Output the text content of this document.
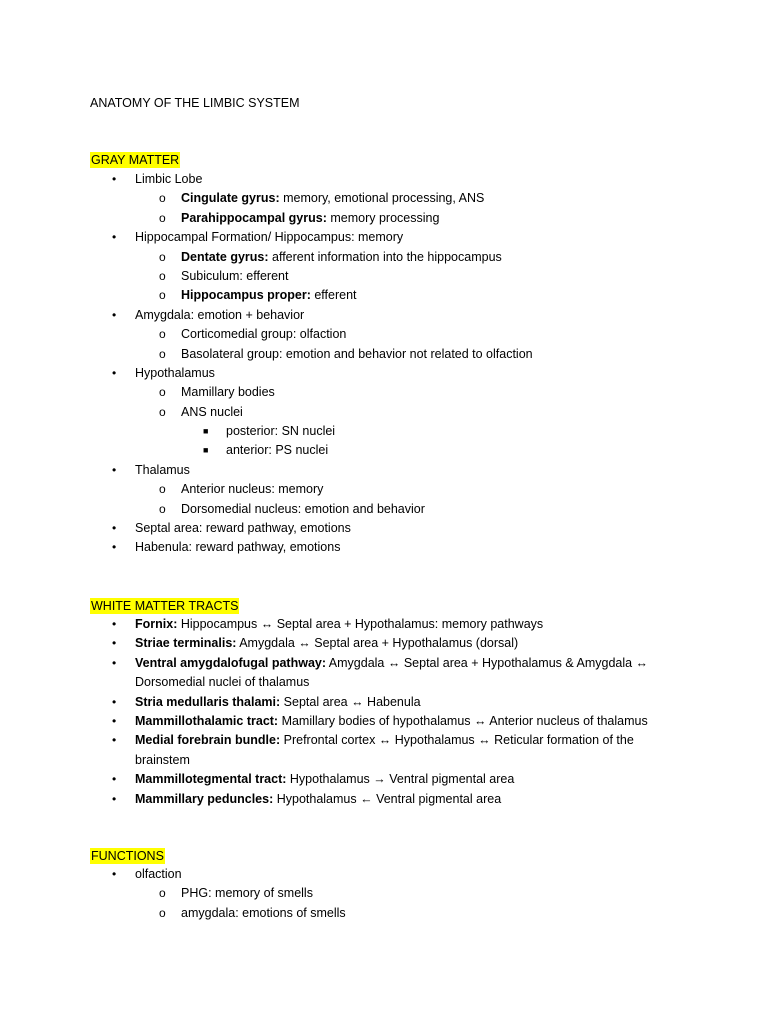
ANATOMY OF THE LIMBIC SYSTEM
GRAY MATTER
• Limbic Lobe
o Cingulate gyrus: memory, emotional processing, ANS
o Parahippocampal gyrus: memory processing
• Hippocampal Formation/ Hippocampus: memory
o Dentate gyrus: afferent information into the hippocampus
o Subiculum: efferent
o Hippocampus proper: efferent
• Amygdala: emotion + behavior
o Corticomedial group: olfaction
o Basolateral group: emotion and behavior not related to olfaction
• Hypothalamus
o Mamillary bodies
o ANS nuclei
■ posterior: SN nuclei
■ anterior: PS nuclei
• Thalamus
o Anterior nucleus: memory
o Dorsomedial nucleus: emotion and behavior
• Septal area: reward pathway, emotions
• Habenula: reward pathway, emotions
WHITE MATTER TRACTS
• Fornix: Hippocampus ↔ Septal area + Hypothalamus: memory pathways
• Striae terminalis: Amygdala ↔ Septal area + Hypothalamus (dorsal)
• Ventral amygdalofugal pathway: Amygdala ↔ Septal area + Hypothalamus & Amygdala ↔
Dorsomedial nuclei of thalamus
• Stria medullaris thalami: Septal area ↔ Habenula
• Mammillothalamic tract: Mamillary bodies of hypothalamus ↔ Anterior nucleus of thalamus
• Medial forebrain bundle: Prefrontal cortex ↔ Hypothalamus ↔ Reticular formation of the
brainstem
• Mammillotegmental tract: Hypothalamus → Ventral pigmental area
• Mammillary peduncles: Hypothalamus ← Ventral pigmental area
FUNCTIONS
• olfaction
o PHG: memory of smells
o amygdala: emotions of smells
